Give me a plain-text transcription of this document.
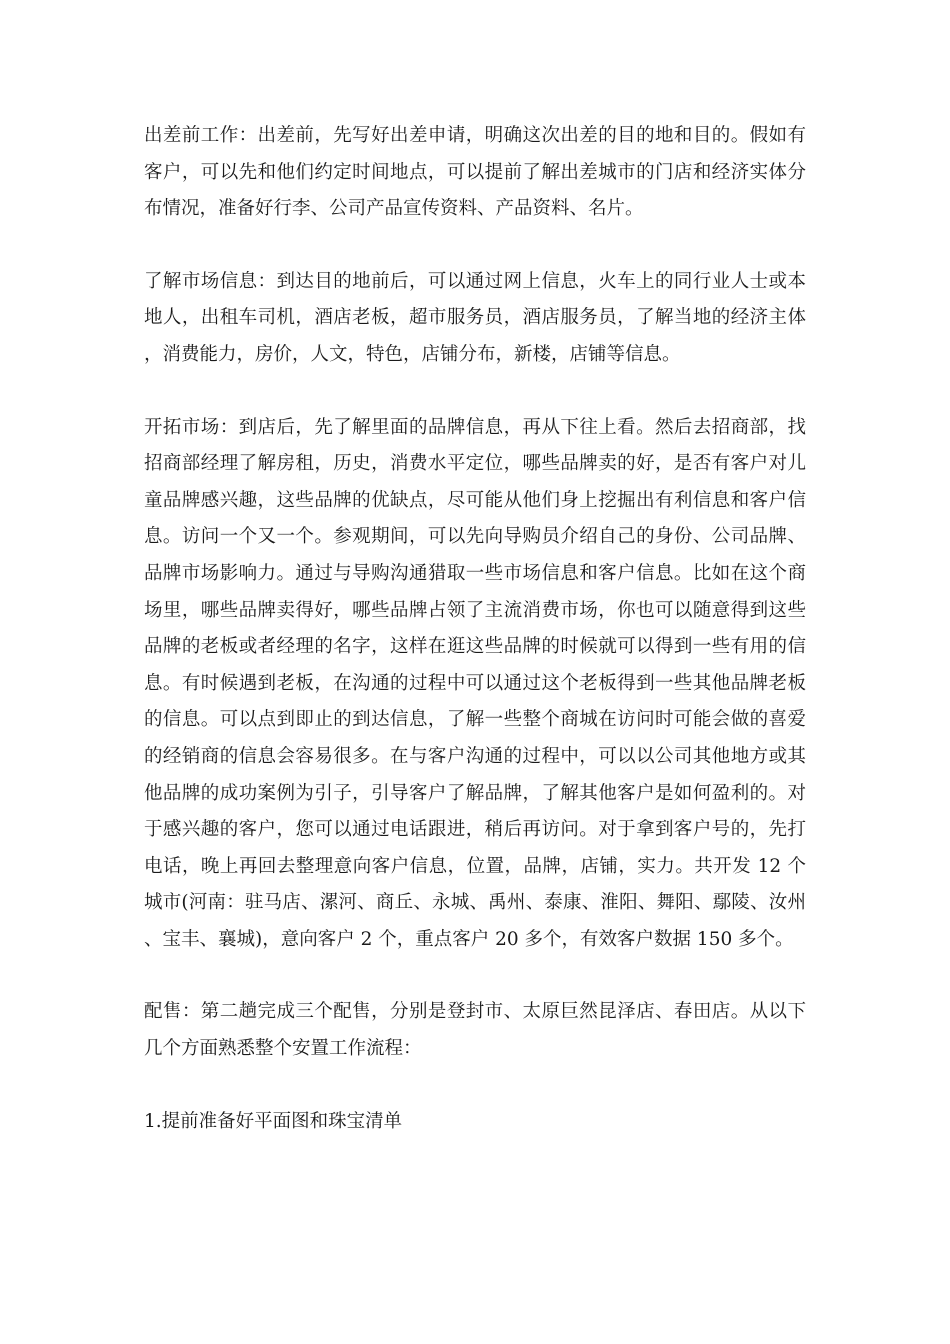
出差前工作：出差前，先写好出差申请，明确这次出差的目的地和目的。假如有客户，可以先和他们约定时间地点，可以提前了解出差城市的门店和经济实体分布情况，准备好行李、公司产品宣传资料、产品资料、名片。

了解市场信息：到达目的地前后，可以通过网上信息，火车上的同行业人士或本地人，出租车司机，酒店老板，超市服务员，酒店服务员，了解当地的经济主体，消费能力，房价，人文，特色，店铺分布，新楼，店铺等信息。

开拓市场：到店后，先了解里面的品牌信息，再从下往上看。然后去招商部，找招商部经理了解房租，历史，消费水平定位，哪些品牌卖的好，是否有客户对儿童品牌感兴趣，这些品牌的优缺点，尽可能从他们身上挖掘出有利信息和客户信息。访问一个又一个。参观期间，可以先向导购员介绍自己的身份、公司品牌、品牌市场影响力。通过与导购沟通猎取一些市场信息和客户信息。比如在这个商场里，哪些品牌卖得好，哪些品牌占领了主流消费市场，你也可以随意得到这些品牌的老板或者经理的名字，这样在逛这些品牌的时候就可以得到一些有用的信息。有时候遇到老板，在沟通的过程中可以通过这个老板得到一些其他品牌老板的信息。可以点到即止的到达信息，了解一些整个商城在访问时可能会做的喜爱的经销商的信息会容易很多。在与客户沟通的过程中，可以以公司其他地方或其他品牌的成功案例为引子，引导客户了解品牌，了解其他客户是如何盈利的。对于感兴趣的客户，您可以通过电话跟进，稍后再访问。对于拿到客户号的，先打电话，晚上再回去整理意向客户信息，位置，品牌，店铺，实力。共开发 12 个城市(河南：驻马店、漯河、商丘、永城、禹州、泰康、淮阳、舞阳、鄢陵、汝州、宝丰、襄城)，意向客户 2 个，重点客户 20 多个，有效客户数据 150 多个。

配售：第二趟完成三个配售，分别是登封市、太原巨然昆泽店、春田店。从以下几个方面熟悉整个安置工作流程：

1.提前准备好平面图和珠宝清单
